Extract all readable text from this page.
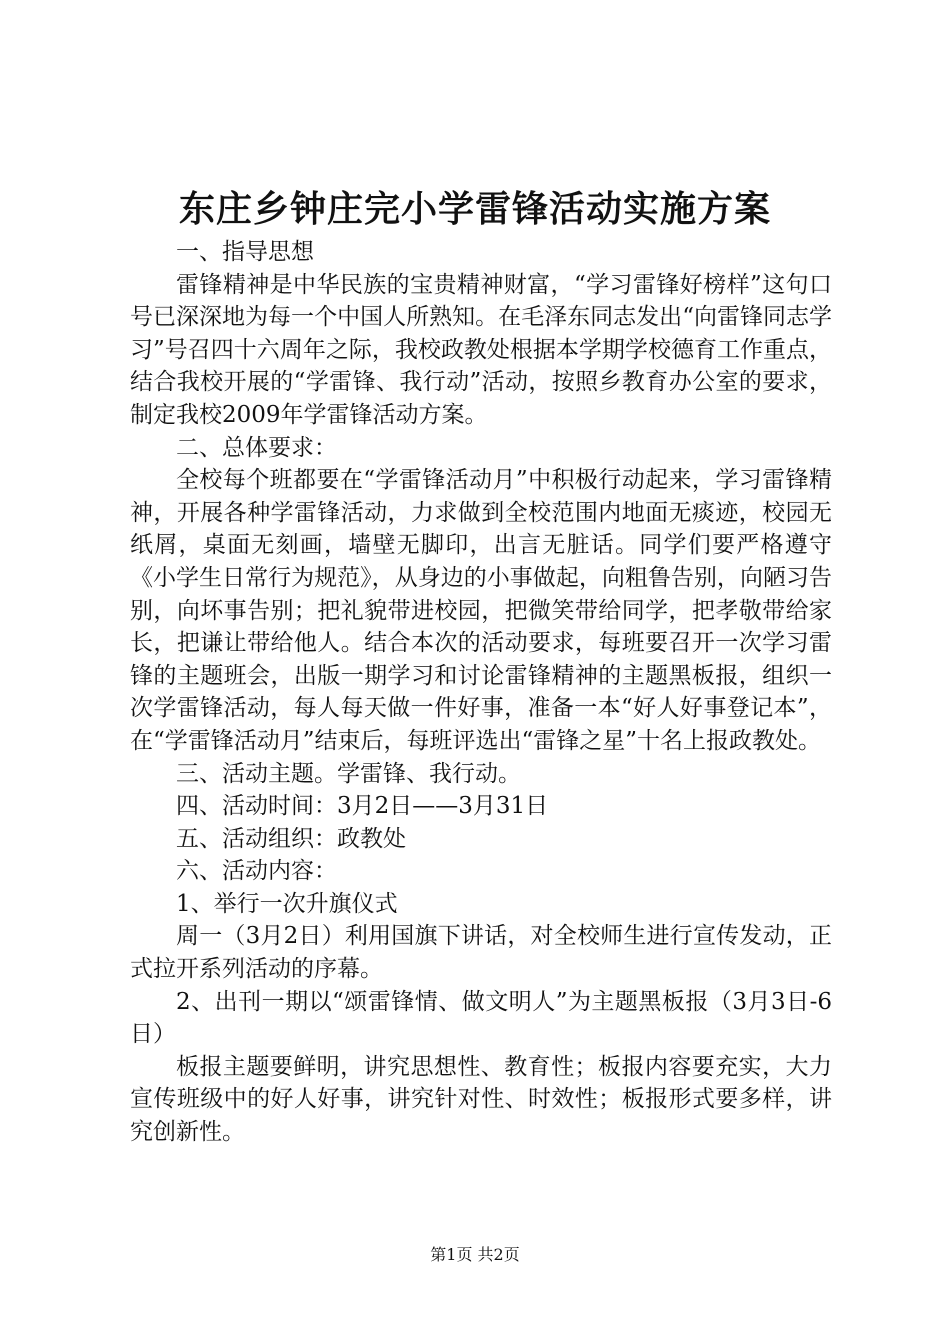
东庄乡钟庄完小学雷锋活动实施方案

一、指导思想

雷锋精神是中华民族的宝贵精神财富，“学习雷锋好榜样”这句口号已深深地为每一个中国人所熟知。在毛泽东同志发出“向雷锋同志学习”号召四十六周年之际，我校政教处根据本学期学校德育工作重点，结合我校开展的“学雷锋、我行动”活动，按照乡教育办公室的要求，制定我校2009年学雷锋活动方案。

二、总体要求：

全校每个班都要在“学雷锋活动月”中积极行动起来，学习雷锋精神，开展各种学雷锋活动，力求做到全校范围内地面无痰迹，校园无纸屑，桌面无刻画，墙壁无脚印，出言无脏话。同学们要严格遵守《小学生日常行为规范》，从身边的小事做起，向粗鲁告别，向陋习告别，向坏事告别；把礼貌带进校园，把微笑带给同学，把孝敬带给家长，把谦让带给他人。结合本次的活动要求，每班要召开一次学习雷锋的主题班会，出版一期学习和讨论雷锋精神的主题黑板报，组织一次学雷锋活动，每人每天做一件好事，准备一本“好人好事登记本”，在“学雷锋活动月”结束后，每班评选出“雷锋之星”十名上报政教处。

三、活动主题。学雷锋、我行动。

四、活动时间：3月2日——3月31日

五、活动组织：政教处

六、活动内容：

1、举行一次升旗仪式

周一（3月2日）利用国旗下讲话，对全校师生进行宣传发动，正式拉开系列活动的序幕。

2、出刊一期以“颂雷锋情、做文明人”为主题黑板报（3月3日-6日）

板报主题要鲜明，讲究思想性、教育性；板报内容要充实，大力宣传班级中的好人好事，讲究针对性、时效性；板报形式要多样，讲究创新性。

第1页 共2页
